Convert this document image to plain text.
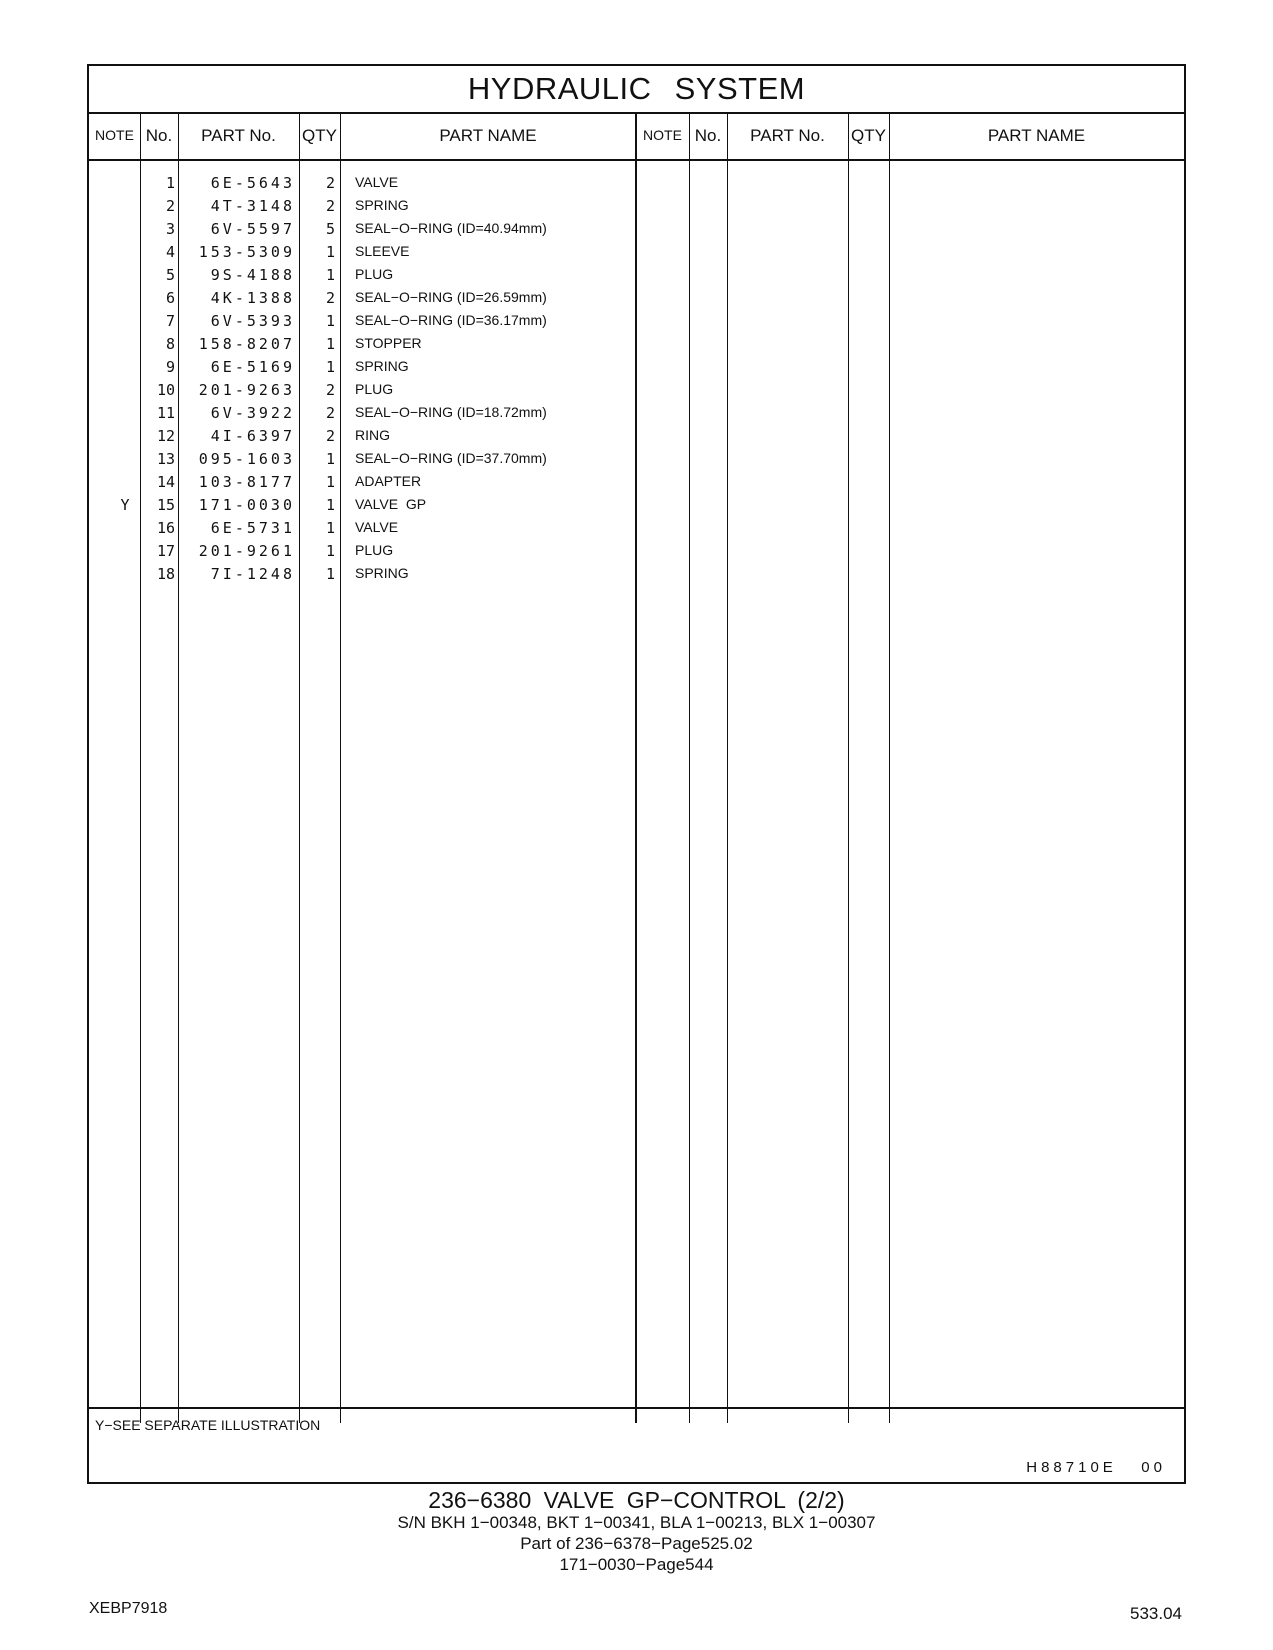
HYDRAULIC SYSTEM
NOTE No.	PART No.	QTY	PART NAME	NOTE No.	PART No.	QTY	PART NAME
1	6E-5643	2 VALVE
2	4T-3148	2 SPRING
3	6V-5597	5 SEAL−O−RING (ID=40.94mm)
4	153-5309	1 SLEEVE
5	9S-4188	1 PLUG
6	4K-1388	2 SEAL−O−RING (ID=26.59mm)
7	6V-5393	1 SEAL−O−RING (ID=36.17mm)
8	158-8207	1 STOPPER
9	6E-5169	1 SPRING
10	201-9263	2 PLUG
11	6V-3922	2 SEAL−O−RING (ID=18.72mm)
12	4I-6397	2 RING
13	095-1603	1 SEAL−O−RING (ID=37.70mm)
14	103-8177	1 ADAPTER
Y	15	171-0030	1 VALVE  GP
16	6E-5731	1 VALVE
17	201-9261	1 PLUG
18	7I-1248	1 SPRING
Y−SEE SEPARATE ILLUSTRATION
H88710E   00
236−6380 VALVE GP−CONTROL (2/2)
S/N BKH 1−00348, BKT 1−00341, BLA 1−00213, BLX 1−00307
Part of 236−6378−Page525.02
171−0030−Page544
XEBP7918	533.04
